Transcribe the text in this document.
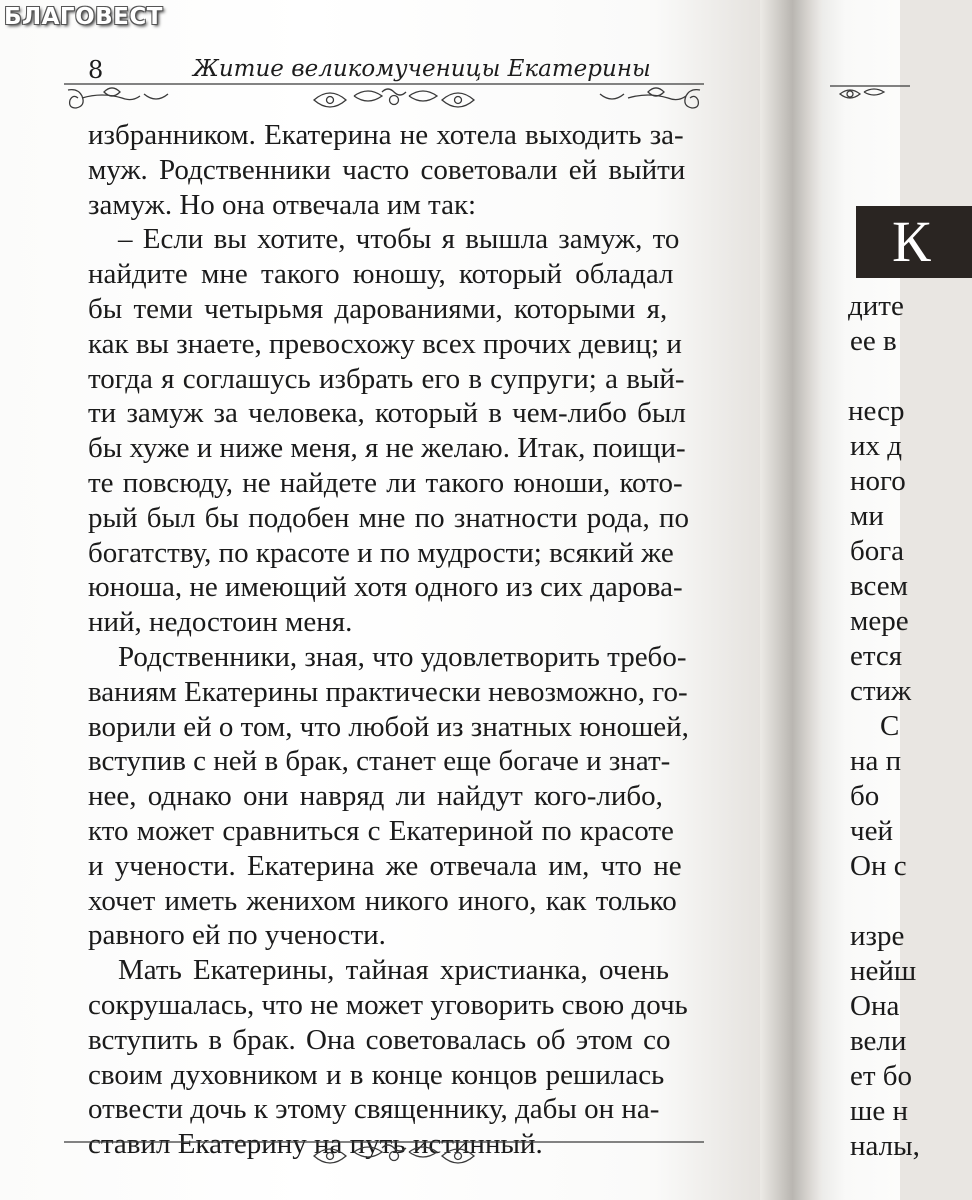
БЛАГОВЕСТ
8	Житие великомученицы Екатерины
избранником. Екатерина не хотела выходить за-
муж. Родственники часто советовали ей выйти
замуж. Но она отвечала им так:
– Если вы хотите, чтобы я вышла замуж, то
найдите мне такого юношу, который обладал
бы теми четырьмя дарованиями, которыми я,
как вы знаете, превосхожу всех прочих девиц; и
тогда я соглашусь избрать его в супруги; а вый-
ти замуж за человека, который в чем-либо был
бы хуже и ниже меня, я не желаю. Итак, поищи-
те повсюду, не найдете ли такого юноши, кото-
рый был бы подобен мне по знатности рода, по
богатству, по красоте и по мудрости; всякий же
юноша, не имеющий хотя одного из сих дарова-
ний, недостоин меня.
Родственники, зная, что удовлетворить требо-
ваниям Екатерины практически невозможно, го-
ворили ей о том, что любой из знатных юношей,
вступив с ней в брак, станет еще богаче и знат-
нее, однако они навряд ли найдут кого-либо,
кто может сравниться с Екатериной по красоте
и учености. Екатерина же отвечала им, что не
хочет иметь женихом никого иного, как только
равного ей по учености.
Мать Екатерины, тайная христианка, очень
сокрушалась, что не может уговорить свою дочь
вступить в брак. Она советовалась об этом со
своим духовником и в конце концов решилась
отвести дочь к этому священнику, дабы он на-
ставил Екатерину на путь истинный.
К
дите
ее в
неср
их д
ного
ми
бога
всем
мере
ется
стиж
С
на п
бо
чей
Он с
изре
нейш
Она
вели
ет бо
ше н
налы,
